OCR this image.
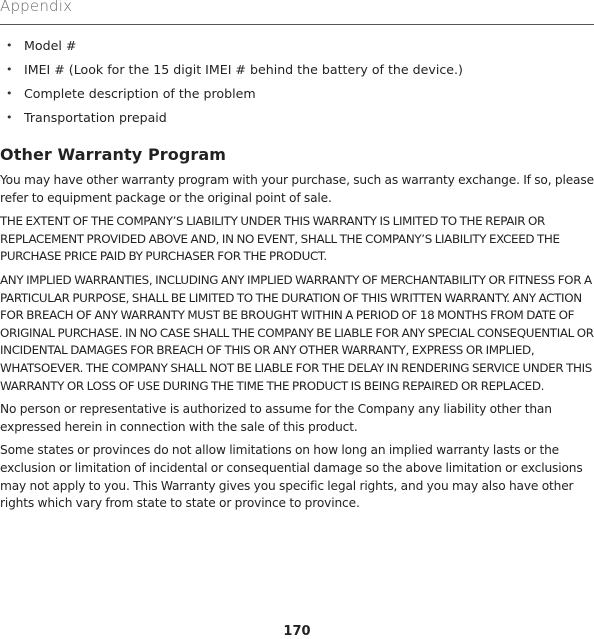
Appendix
• Model #
• IMEI # (Look for the 15 digit IMEI # behind the battery of the device.)
• Complete description of the problem
• Transportation prepaid
Other Warranty Program

You may have other warranty program with your purchase, such as warranty exchange. If so, please refer to equipment package or the original point of sale.

THE EXTENT OF THE COMPANY’S LIABILITY UNDER THIS WARRANTY IS LIMITED TO THE REPAIR OR REPLACEMENT PROVIDED ABOVE AND, IN NO EVENT, SHALL THE COMPANY’S LIABILITY EXCEED THE PURCHASE PRICE PAID BY PURCHASER FOR THE PRODUCT.

ANY IMPLIED WARRANTIES, INCLUDING ANY IMPLIED WARRANTY OF MERCHANTABILITY OR FITNESS FOR A PARTICULAR PURPOSE, SHALL BE LIMITED TO THE DURATION OF THIS WRITTEN WARRANTY. ANY ACTION FOR BREACH OF ANY WARRANTY MUST BE BROUGHT WITHIN A PERIOD OF 18 MONTHS FROM DATE OF ORIGINAL PURCHASE. IN NO CASE SHALL THE COMPANY BE LIABLE FOR ANY SPECIAL CONSEQUENTIAL OR INCIDENTAL DAMAGES FOR BREACH OF THIS OR ANY OTHER WARRANTY, EXPRESS OR IMPLIED, WHATSOEVER. THE COMPANY SHALL NOT BE LIABLE FOR THE DELAY IN RENDERING SERVICE UNDER THIS WARRANTY OR LOSS OF USE DURING THE TIME THE PRODUCT IS BEING REPAIRED OR REPLACED.

No person or representative is authorized to assume for the Company any liability other than expressed herein in connection with the sale of this product.

Some states or provinces do not allow limitations on how long an implied warranty lasts or the exclusion or limitation of incidental or consequential damage so the above limitation or exclusions may not apply to you. This Warranty gives you specific legal rights, and you may also have other rights which vary from state to state or province to province.

170
